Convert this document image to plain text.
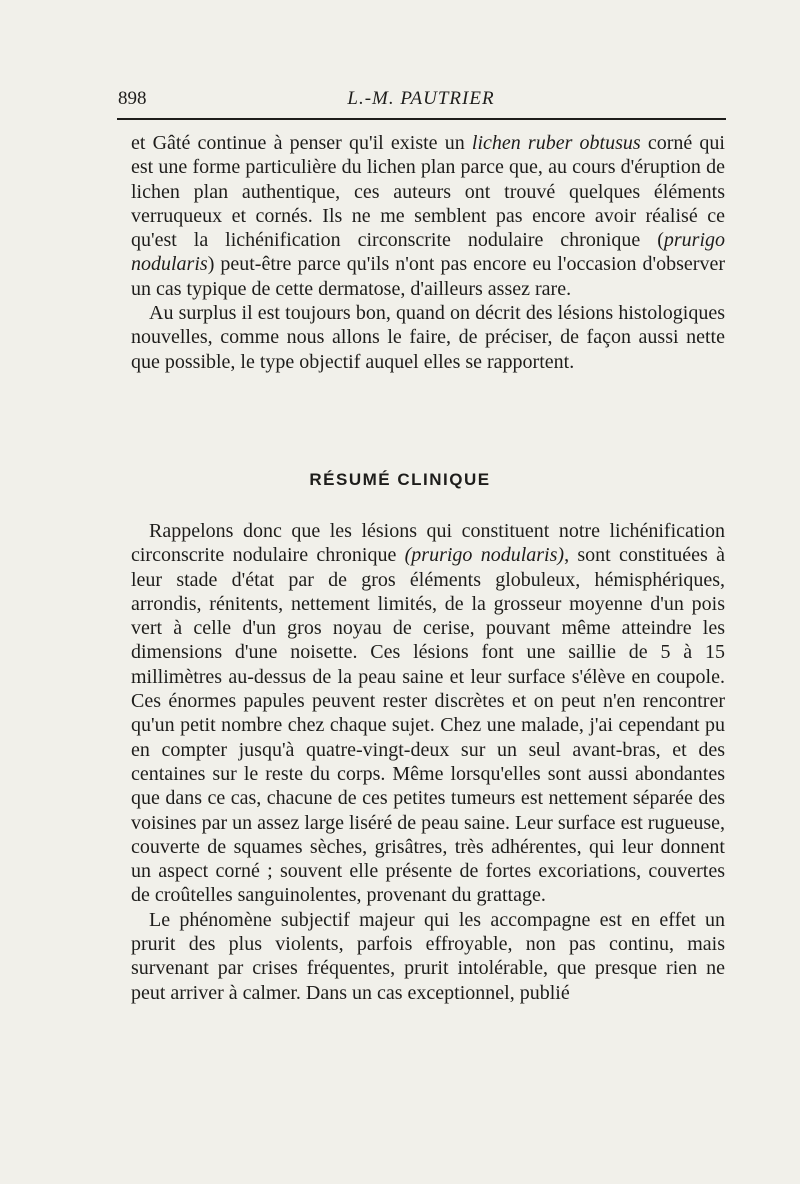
898	L.-M. PAUTRIER

et Gâté continue à penser qu'il existe un lichen ruber obtusus corné qui est une forme particulière du lichen plan parce que, au cours d'éruption de lichen plan authentique, ces auteurs ont trouvé quelques éléments verruqueux et cornés. Ils ne me semblent pas encore avoir réalisé ce qu'est la lichénification circonscrite nodulaire chronique (prurigo nodularis) peut-être parce qu'ils n'ont pas encore eu l'occasion d'observer un cas typique de cette dermatose, d'ailleurs assez rare.

Au surplus il est toujours bon, quand on décrit des lésions histologiques nouvelles, comme nous allons le faire, de préciser, de façon aussi nette que possible, le type objectif auquel elles se rapportent.

RÉSUMÉ CLINIQUE

Rappelons donc que les lésions qui constituent notre lichénification circonscrite nodulaire chronique (prurigo nodularis), sont constituées à leur stade d'état par de gros éléments globuleux, hémisphériques, arrondis, rénitents, nettement limités, de la grosseur moyenne d'un pois vert à celle d'un gros noyau de cerise, pouvant même atteindre les dimensions d'une noisette. Ces lésions font une saillie de 5 à 15 millimètres au-dessus de la peau saine et leur surface s'élève en coupole. Ces énormes papules peuvent rester discrètes et on peut n'en rencontrer qu'un petit nombre chez chaque sujet. Chez une malade, j'ai cependant pu en compter jusqu'à quatre-vingt-deux sur un seul avant-bras, et des centaines sur le reste du corps. Même lorsqu'elles sont aussi abondantes que dans ce cas, chacune de ces petites tumeurs est nettement séparée des voisines par un assez large liséré de peau saine. Leur surface est rugueuse, couverte de squames sèches, grisâtres, très adhérentes, qui leur donnent un aspect corné ; souvent elle présente de fortes excoriations, couvertes de croûtelles sanguinolentes, provenant du grattage.

Le phénomène subjectif majeur qui les accompagne est en effet un prurit des plus violents, parfois effroyable, non pas continu, mais survenant par crises fréquentes, prurit intolérable, que presque rien ne peut arriver à calmer. Dans un cas exceptionnel, publié
